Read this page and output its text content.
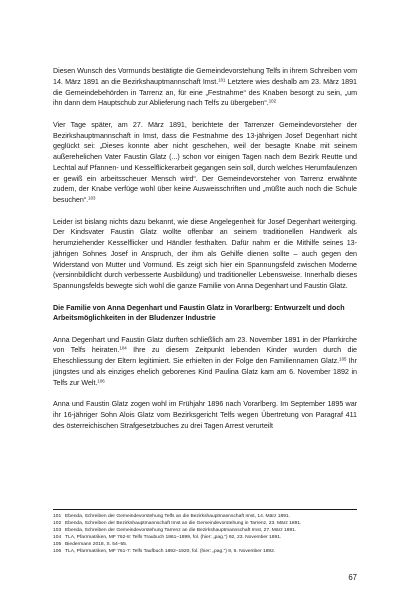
Diesen Wunsch des Vormunds bestätigte die Gemeindevorstehung Telfs in ihrem Schreiben vom 14. März 1891 an die Bezirkshauptmannschaft Imst.$^{101}$ Letztere wies deshalb am 23. März 1891 die Gemeindebehörden in Tarrenz an, für eine „Festnahme“ des Knaben besorgt zu sein, „um ihn dann dem Hauptschub zur Ablieferung nach Telfs zu übergeben“.$^{102}$

Vier Tage später, am 27. März 1891, berichtete der Tarrenzer Gemeindevorsteher der Bezirkshauptmannschaft in Imst, dass die Festnahme des 13-jährigen Josef Degenhart nicht geglückt sei: „Dieses konnte aber nicht geschehen, weil der besagte Knabe mit seinem außerehelichen Vater Faustin Glatz (...) schon vor einigen Tagen nach dem Bezirk Reutte und Lechtal auf Pfannen- und Kesselflickerarbeit gegangen sein soll, durch welches Herumfaulenzen er gewiß ein arbeitsscheuer Mensch wird“. Der Gemeindevorsteher von Tarrenz erwähnte zudem, der Knabe verfüge wohl über keine Ausweisschriften und „müßte auch noch die Schule besuchen“.$^{103}$

Leider ist bislang nichts dazu bekannt, wie diese Angelegenheit für Josef Degenhart weiterging. Der Kindsvater Faustin Glatz wollte offenbar an seinem traditionellen Handwerk als herumziehender Kesselflicker und Händler festhalten. Dafür nahm er die Mithilfe seines 13-jährigen Sohnes Josef in Anspruch, der ihm als Gehilfe dienen sollte – auch gegen den Widerstand von Mutter und Vormund. Es zeigt sich hier ein Spannungsfeld zwischen Moderne (versinnbildlicht durch verbesserte Ausbildung) und traditioneller Lebensweise. Innerhalb dieses Spannungsfelds bewegte sich wohl die ganze Familie von Anna Degenhart und Faustin Glatz.

Die Familie von Anna Degenhart und Faustin Glatz in Vorarlberg: Entwurzelt und doch Arbeitsmöglichkeiten in der Bludenzer Industrie

Anna Degenhart und Faustin Glatz durften schließlich am 23. November 1891 in der Pfarrkirche von Telfs heiraten.$^{104}$ Ihre zu diesem Zeitpunkt lebenden Kinder wurden durch die Eheschliessung der Eltern legitimiert. Sie erhielten in der Folge den Familiennamen Glatz.$^{105}$ Ihr jüngstes und als einziges ehelich geborenes Kind Paulina Glatz kam am 6. November 1892 in Telfs zur Welt.$^{106}$

Anna und Faustin Glatz zogen wohl im Frühjahr 1896 nach Vorarlberg. Im September 1895 war ihr 16-jähriger Sohn Alois Glatz vom Bezirksgericht Telfs wegen Übertretung von Paragraf 411 des österreichischen Strafgesetzbuches zu drei Tagen Arrest verurteilt

101 Ebenda, Schreiben der Gemeindevorstehung Telfs an die Bezirkshauptmannschaft Imst, 14. März 1891.
102 Ebenda, Schreiben der Bezirkshauptmannschaft Imst an die Gemeindevorstehung in Tarrenz, 23. März 1891.
103 Ebenda, Schreiben der Gemeindevorstehung Tarrenz an die Bezirkshauptmannschaft Imst, 27. März 1891.
104 TLA, Pfarrmatriken, MF 762-8: Telfs Traubuch 1861–1899, fol. (hier: „pag.“) 92, 23. November 1891.
105 Biedermann 2018, S. 54–55.
106 TLA, Pfarrmatriken, MF 761-7: Telfs Taufbuch 1892–1920, fol. (hier: „pag.“) 8, 6. November 1892.
67
